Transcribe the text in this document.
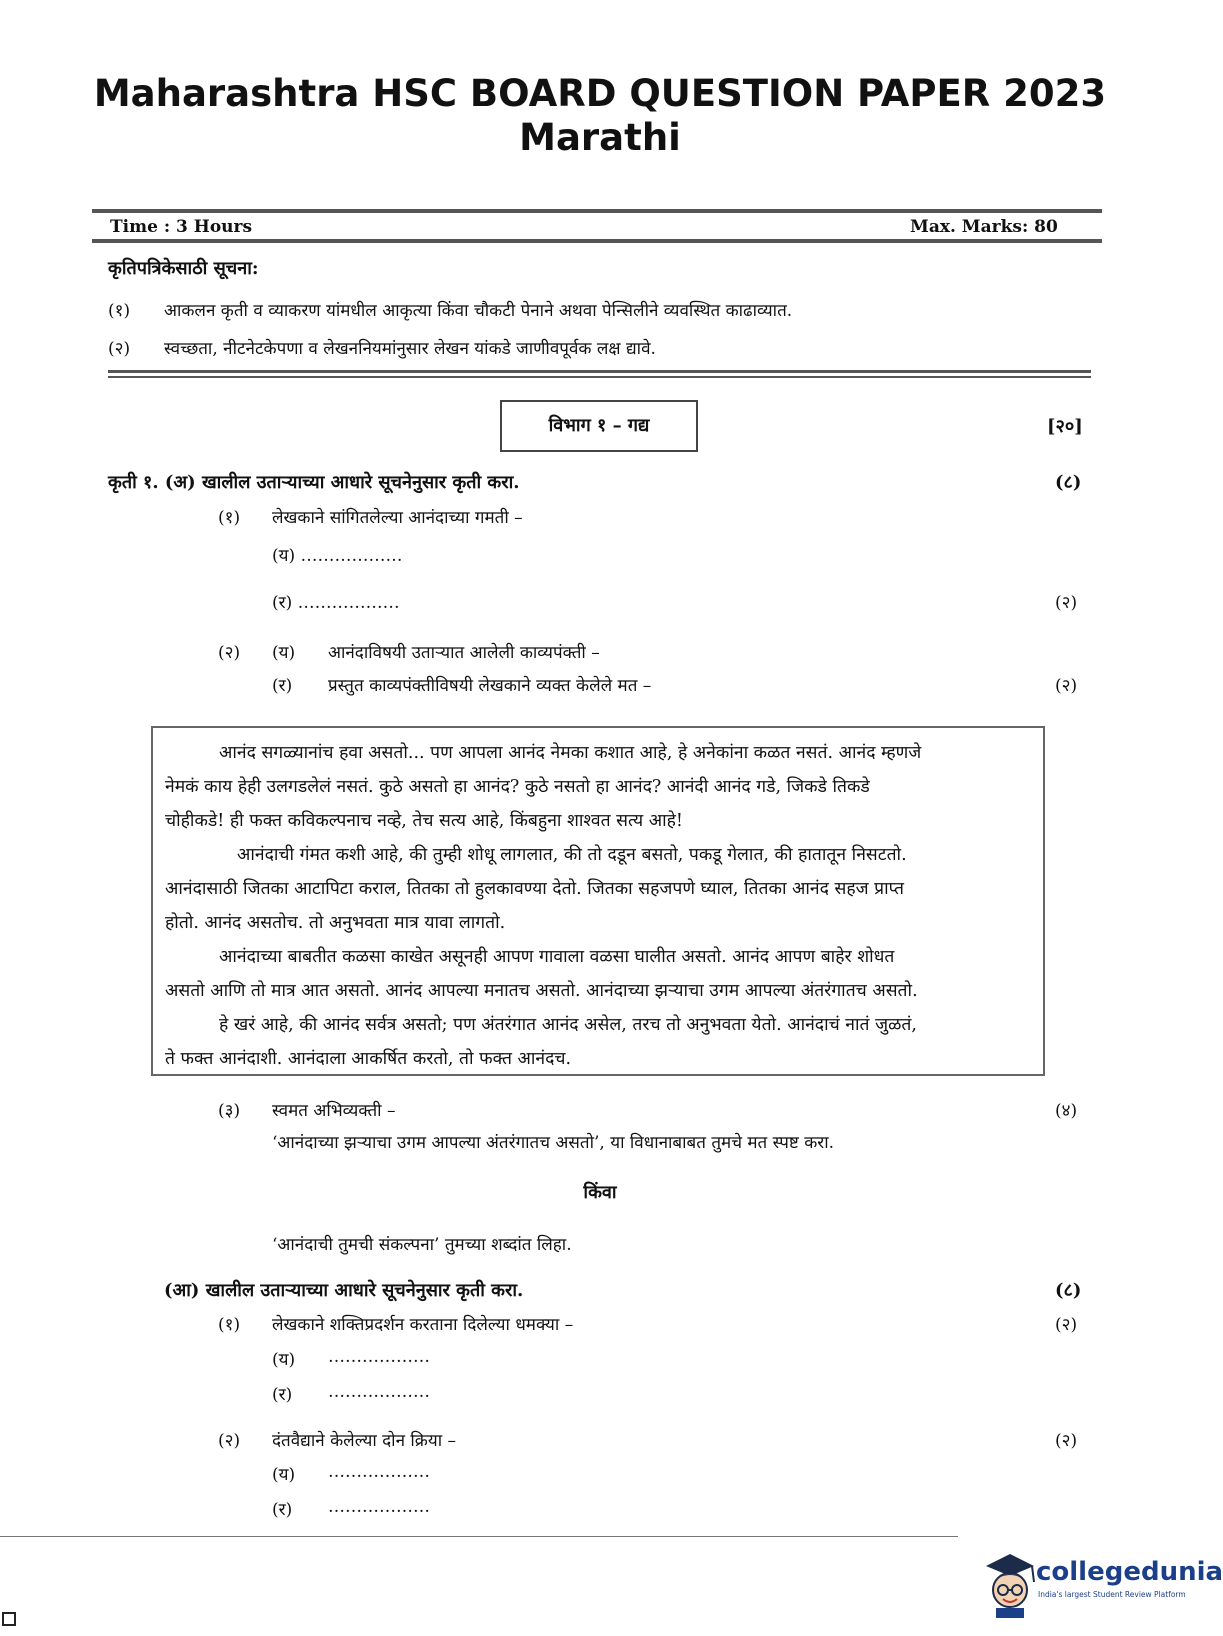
Maharashtra HSC BOARD QUESTION PAPER 2023
Marathi
Time : 3 Hours	Max. Marks: 80
कृतिपत्रिकेसाठी सूचना:
(१) आकलन कृती व व्याकरण यांमधील आकृत्या किंवा चौकटी पेनाने अथवा पेन्सिलीने व्यवस्थित काढाव्यात.
(२) स्वच्छता, नीटनेटकेपणा व लेखननियमांनुसार लेखन यांकडे जाणीवपूर्वक लक्ष द्यावे.
विभाग १ – गद्य	[२०]
कृती १. (अ) खालील उताऱ्याच्या आधारे सूचनेनुसार कृती करा.	(८)
(१) लेखकाने सांगितलेल्या आनंदाच्या गमती –
(य) ………………
(र) ………………	(२)
(२) (य) आनंदाविषयी उताऱ्यात आलेली काव्यपंक्ती –
(र) प्रस्तुत काव्यपंक्तीविषयी लेखकाने व्यक्त केलेले मत –	(२)
आनंद सगळ्यानांच हवा असतो... पण आपला आनंद नेमका कशात आहे, हे अनेकांना कळत नसतं. आनंद म्हणजे
नेमकं काय हेही उलगडलेलं नसतं. कुठे असतो हा आनंद? कुठे नसतो हा आनंद? आनंदी आनंद गडे, जिकडे तिकडे
चोहीकडे! ही फक्त कविकल्पनाच नव्हे, तेच सत्य आहे, किंबहुना शाश्वत सत्य आहे!
आनंदाची गंमत कशी आहे, की तुम्ही शोधू लागलात, की तो दडून बसतो, पकडू गेलात, की हातातून निसटतो.
आनंदासाठी जितका आटापिटा कराल, तितका तो हुलकावण्या देतो. जितका सहजपणे घ्याल, तितका आनंद सहज प्राप्त
होतो. आनंद असतोच. तो अनुभवता मात्र यावा लागतो.
आनंदाच्या बाबतीत कळसा काखेत असूनही आपण गावाला वळसा घालीत असतो. आनंद आपण बाहेर शोधत
असतो आणि तो मात्र आत असतो. आनंद आपल्या मनातच असतो. आनंदाच्या झऱ्याचा उगम आपल्या अंतरंगातच असतो.
हे खरं आहे, की आनंद सर्वत्र असतो; पण अंतरंगात आनंद असेल, तरच तो अनुभवता येतो. आनंदाचं नातं जुळतं,
ते फक्त आनंदाशी. आनंदाला आकर्षित करतो, तो फक्त आनंदच.
(३) स्वमत अभिव्यक्ती –	(४)
‘आनंदाच्या झऱ्याचा उगम आपल्या अंतरंगातच असतो’, या विधानाबाबत तुमचे मत स्पष्ट करा.
किंवा
‘आनंदाची तुमची संकल्पना’ तुमच्या शब्दांत लिहा.
(आ) खालील उताऱ्याच्या आधारे सूचनेनुसार कृती करा.	(८)
(१) लेखकाने शक्तिप्रदर्शन करताना दिलेल्या धमक्या –	(२)
(य) ………………
(र) ………………
(२) दंतवैद्याने केलेल्या दोन क्रिया –	(२)
(य) ………………
(र) ………………
collegedunia
India's largest Student Review Platform
